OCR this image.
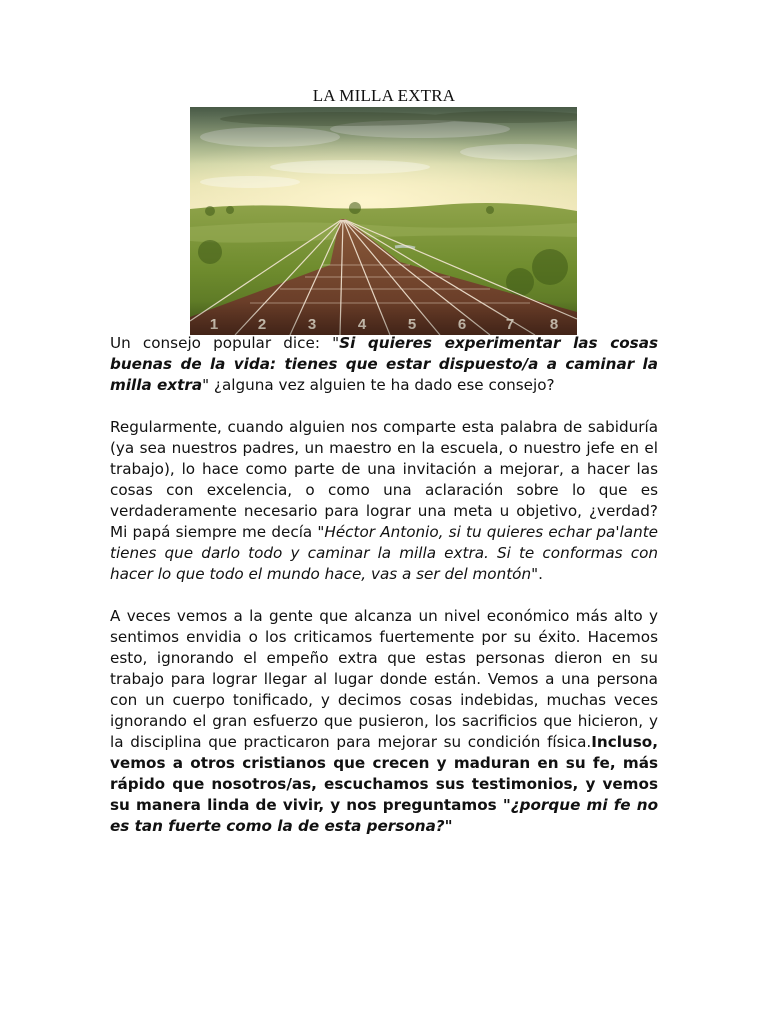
LA MILLA EXTRA

Un consejo popular dice: "Si quieres experimentar las cosas buenas de la vida: tienes que estar dispuesto/a a caminar la milla extra" ¿alguna vez alguien te ha dado ese consejo?

Regularmente, cuando alguien nos comparte esta palabra de sabiduría (ya sea nuestros padres, un maestro en la escuela, o nuestro jefe en el trabajo), lo hace como parte de una invitación a mejorar, a hacer las cosas con excelencia, o como una aclaración sobre lo que es verdaderamente necesario para lograr una meta u objetivo, ¿verdad? Mi papá siempre me decía "Héctor Antonio, si tu quieres echar pa'lante tienes que darlo todo y caminar la milla extra. Si te conformas con hacer lo que todo el mundo hace, vas a ser del montón".

A veces vemos a la gente que alcanza un nivel económico más alto y sentimos envidia o los criticamos fuertemente por su éxito. Hacemos esto, ignorando el empeño extra que estas personas dieron en su trabajo para lograr llegar al lugar donde están. Vemos a una persona con un cuerpo tonificado, y decimos cosas indebidas, muchas veces ignorando el gran esfuerzo que pusieron, los sacrificios que hicieron, y la disciplina que practicaron para mejorar su condición física.Incluso, vemos a otros cristianos que crecen y maduran en su fe, más rápido que nosotros/as, escuchamos sus testimonios, y vemos su manera linda de vivir, y nos preguntamos "¿porque mi fe no es tan fuerte como la de esta persona?"
